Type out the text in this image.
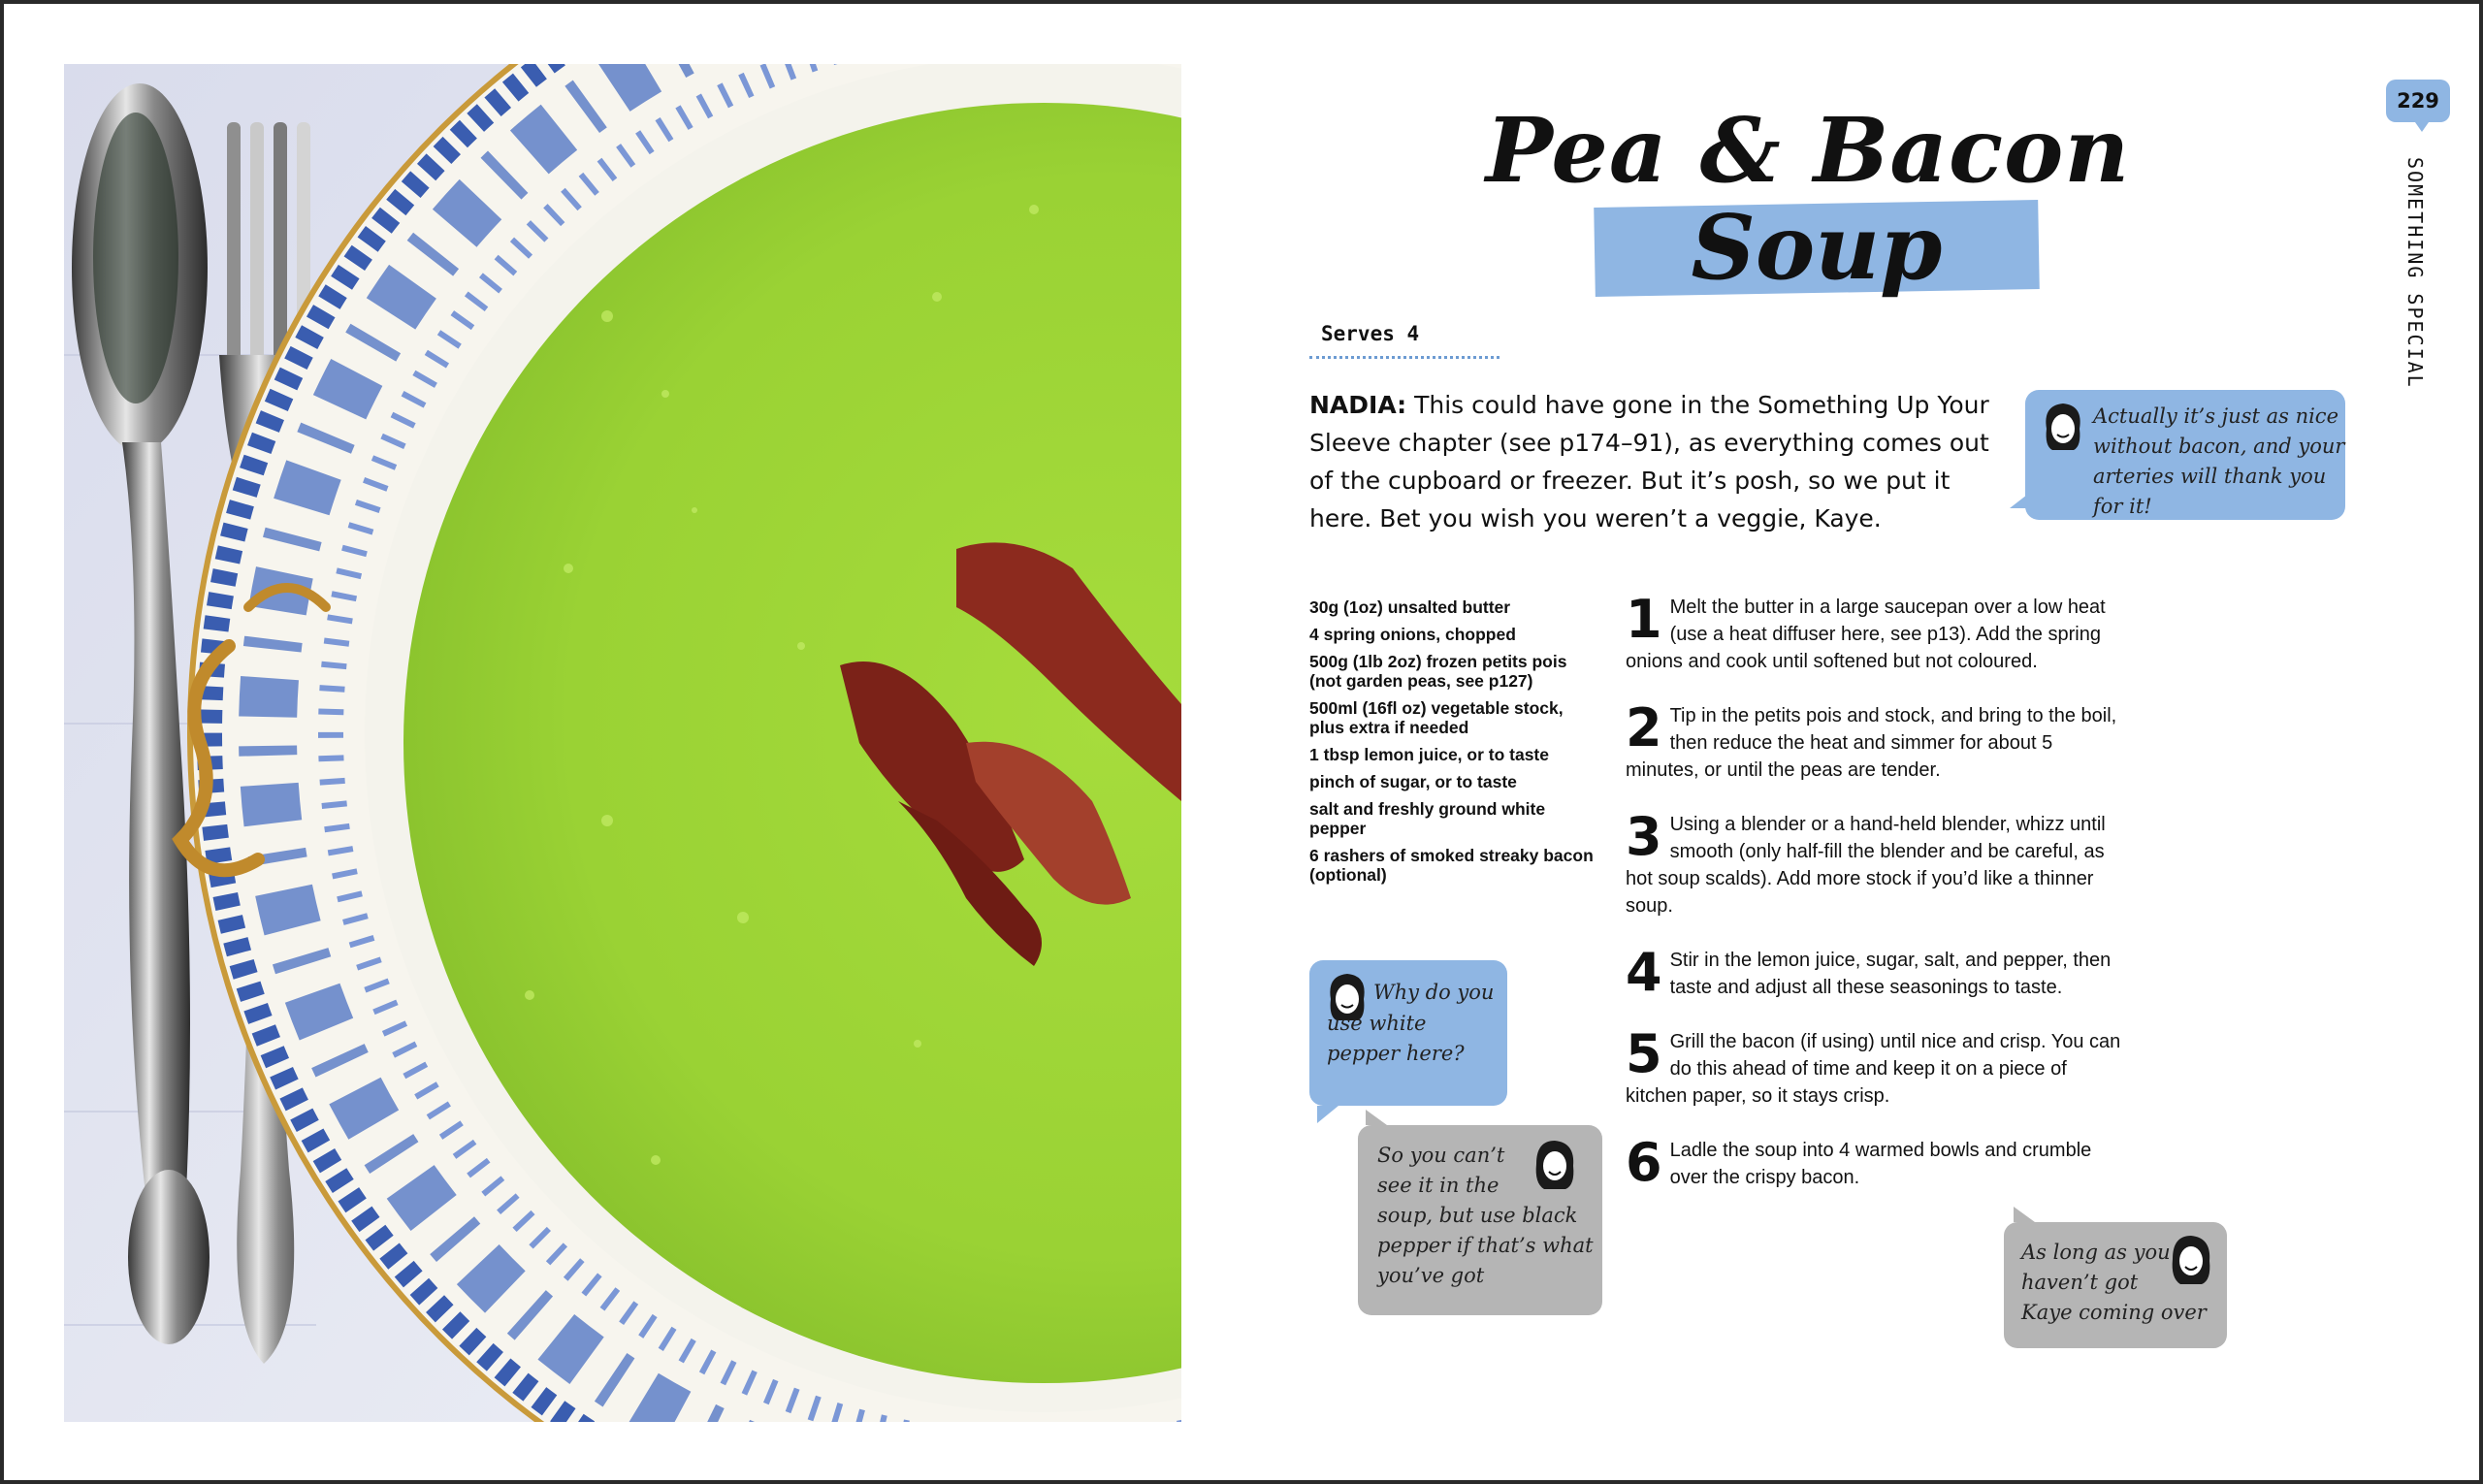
229
SOMETHING SPECIAL
Pea & Bacon
Soup
Serves 4
NADIA: This could have gone in the Something Up Your Sleeve chapter (see p174–91), as everything comes out of the cupboard or freezer. But it’s posh, so we put it here. Bet you wish you weren’t a veggie, Kaye.
30g (1oz) unsalted butter
4 spring onions, chopped
500g (1lb 2oz) frozen petits pois (not garden peas, see p127)
500ml (16fl oz) vegetable stock, plus extra if needed
1 tbsp lemon juice, or to taste
pinch of sugar, or to taste
salt and freshly ground white pepper
6 rashers of smoked streaky bacon (optional)
1 Melt the butter in a large saucepan over a low heat (use a heat diffuser here, see p13). Add the spring onions and cook until softened but not coloured.
2 Tip in the petits pois and stock, and bring to the boil, then reduce the heat and simmer for about 5 minutes, or until the peas are tender.
3 Using a blender or a hand-held blender, whizz until smooth (only half-fill the blender and be careful, as hot soup scalds). Add more stock if you’d like a thinner soup.
4 Stir in the lemon juice, sugar, salt, and pepper, then taste and adjust all these seasonings to taste.
5 Grill the bacon (if using) until nice and crisp. You can do this ahead of time and keep it on a piece of kitchen paper, so it stays crisp.
6 Ladle the soup into 4 warmed bowls and crumble over the crispy bacon.
Actually it’s just as nice
without bacon, and your
arteries will thank you for it!
Why do you
use white
pepper here?
So you can’t
see it in the
soup, but use black
pepper if that’s what
you’ve got
As long as you
haven’t got
Kaye coming over
